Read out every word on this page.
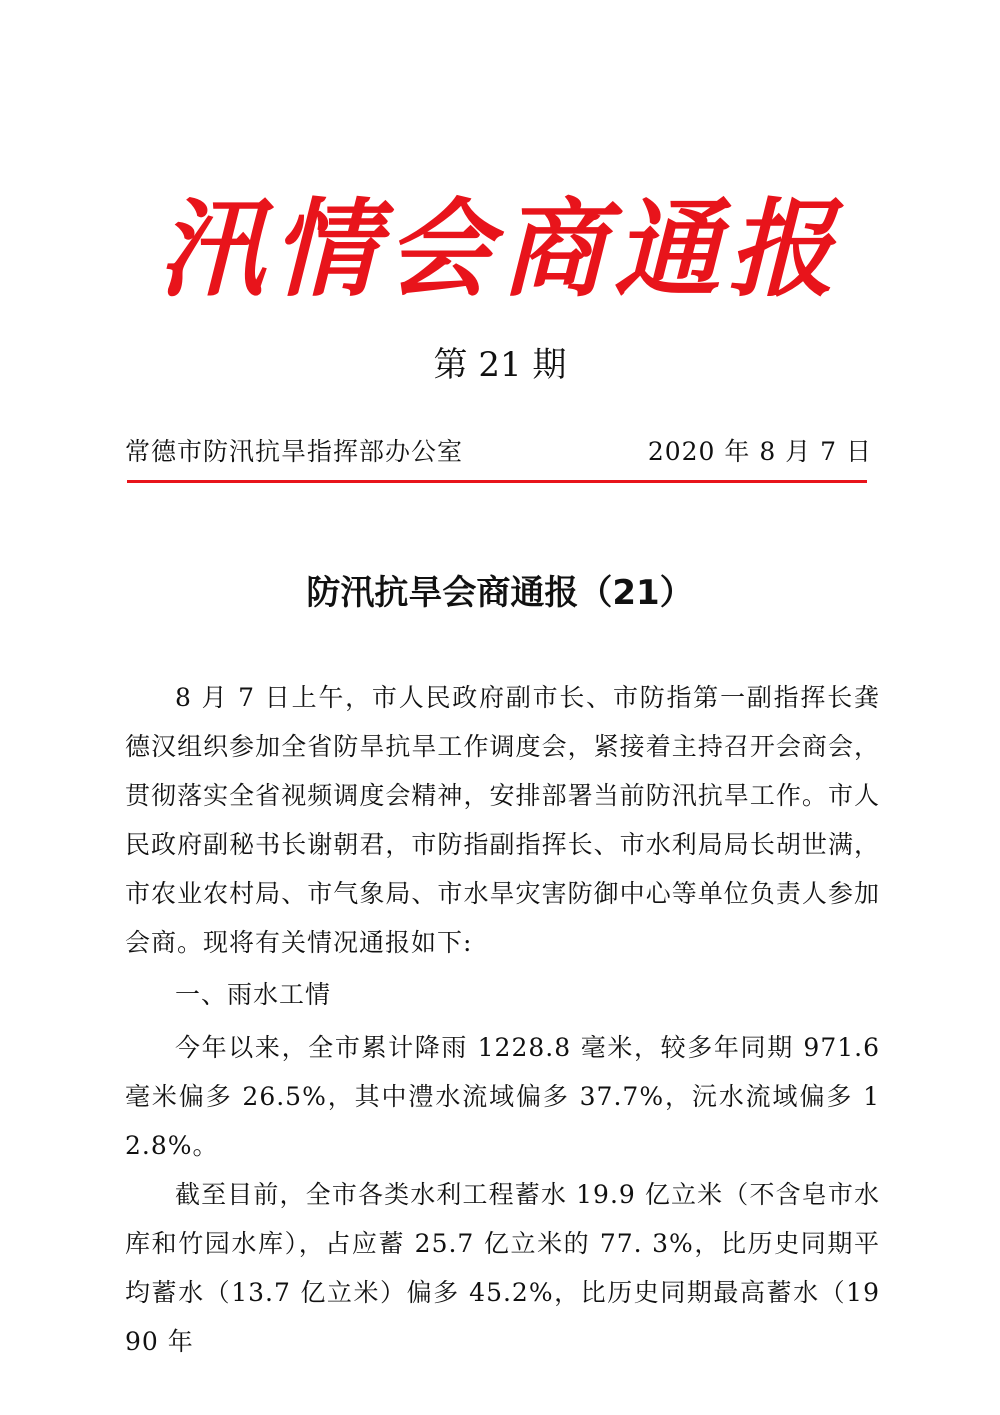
汛情会商通报
第 21 期
常德市防汛抗旱指挥部办公室	2020 年 8 月 7 日
防汛抗旱会商通报（21）

8 月 7 日上午，市人民政府副市长、市防指第一副指挥长龚德汉组织参加全省防旱抗旱工作调度会，紧接着主持召开会商会，贯彻落实全省视频调度会精神，安排部署当前防汛抗旱工作。市人民政府副秘书长谢朝君，市防指副指挥长、市水利局局长胡世满，市农业农村局、市气象局、市水旱灾害防御中心等单位负责人参加会商。现将有关情况通报如下:

一、雨水工情

今年以来，全市累计降雨 1228.8 毫米，较多年同期 971.6 毫米偏多 26.5%，其中澧水流域偏多 37.7%，沅水流域偏多 12.8%。

截至目前，全市各类水利工程蓄水 19.9 亿立米（不含皂市水库和竹园水库），占应蓄 25.7 亿立米的 77. 3%，比历史同期平均蓄水（13.7 亿立米）偏多 45.2%，比历史同期最高蓄水（1990 年
